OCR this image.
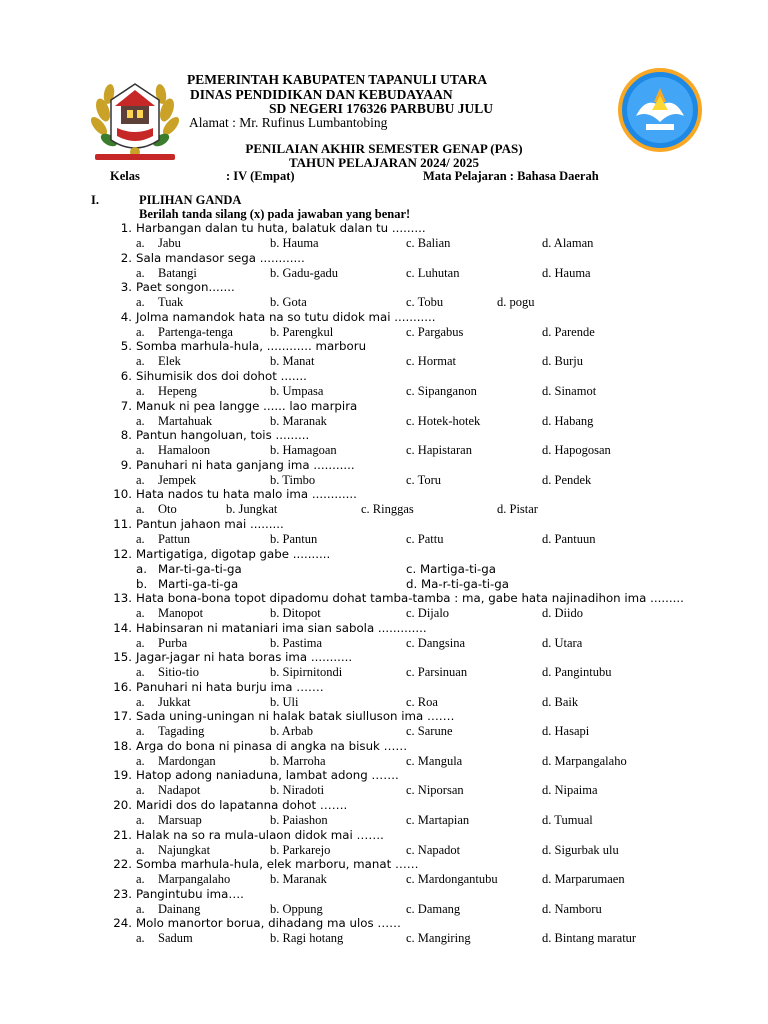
PEMERINTAH KABUPATEN TAPANULI UTARA
DINAS PENDIDIKAN DAN KEBUDAYAAN
SD NEGERI 176326 PARBUBU JULU
Alamat : Mr. Rufinus Lumbantobing
PENILAIAN AKHIR SEMESTER GENAP (PAS)
TAHUN PELAJARAN 2024/ 2025
Kelas	: IV (Empat)	Mata Pelajaran : Bahasa Daerah
I.	PILIHAN GANDA
Berilah tanda silang (x) pada jawaban yang benar!
1. Harbangan dalan tu huta, balatuk dalan tu .........
a. Jabu	b. Hauma	c. Balian	d. Alaman
2. Sala mandasor sega ............
a. Batangi	b. Gadu-gadu	c. Luhutan	d. Hauma
3. Paet songon.......
a. Tuak	b. Gota	c. Tobu	d. pogu
4. Jolma namandok hata na so tutu didok mai ...........
a. Partenga-tenga	b. Parengkul	c. Pargabus	d. Parende
5. Somba marhula-hula, ............ marboru
a. Elek	b. Manat	c. Hormat	d. Burju
6. Sihumisik dos doi dohot .......
a. Hepeng	b. Umpasa	c. Sipanganon	d. Sinamot
7. Manuk ni pea langge ...... lao marpira
a. Martahuak	b. Maranak	c. Hotek-hotek	d. Habang
8. Pantun hangoluan, tois .........
a. Hamaloon	b. Hamagoan	c. Hapistaran	d. Hapogosan
9. Panuhari ni hata ganjang ima ...........
a. Jempek	b. Timbo	c. Toru	d. Pendek
10. Hata nados tu hata malo ima ............
a. Oto	b. Jungkat	c. Ringgas	d. Pistar
11. Pantun jahaon mai .........
a. Pattun	b. Pantun	c. Pattu	d. Pantuun
12. Martigatiga, digotap gabe ..........
a. Mar-ti-ga-ti-ga
b. Marti-ga-ti-ga
c. Martiga-ti-ga
d. Ma-r-ti-ga-ti-ga
13. Hata bona-bona topot dipadomu dohat tamba-tamba : ma, gabe hata najinadihon ima .........
a. Manopot	b. Ditopot	c. Dijalo	d. Diido
14. Habinsaran ni mataniari ima sian sabola .............
a. Purba	b. Pastima	c. Dangsina	d. Utara
15. Jagar-jagar ni hata boras ima ...........
a. Sitio-tio	b. Sipirnitondi	c. Parsinuan	d. Pangintubu
16. Panuhari ni hata burju ima …….
a. Jukkat	b. Uli	c. Roa	d. Baik
17. Sada uning-uningan ni halak batak siulluson ima …….
a. Tagading	b. Arbab	c. Sarune	d. Hasapi
18. Arga do bona ni pinasa di angka na bisuk ……
a. Mardongan	b. Marroha	c. Mangula	d. Marpangalaho
19. Hatop adong naniaduna, lambat adong …….
a. Nadapot	b. Niradoti	c. Niporsan	d. Nipaima
20. Maridi dos do lapatanna dohot …….
a. Marsuap	b. Paiashon	c. Martapian	d. Tumual
21. Halak na so ra mula-ulaon didok mai …….
a. Najungkat	b. Parkarejo	c. Napadot	d. Sigurbak ulu
22. Somba marhula-hula, elek marboru, manat ……
a. Marpangalaho	b. Maranak	c. Mardongantubu	d. Marparumaen
23. Pangintubu ima….
a. Dainang	b. Oppung	c. Damang	d. Namboru
24. Molo manortor borua, dihadang ma ulos ……
a. Sadum	b. Ragi hotang	c. Mangiring	d. Bintang maratur
